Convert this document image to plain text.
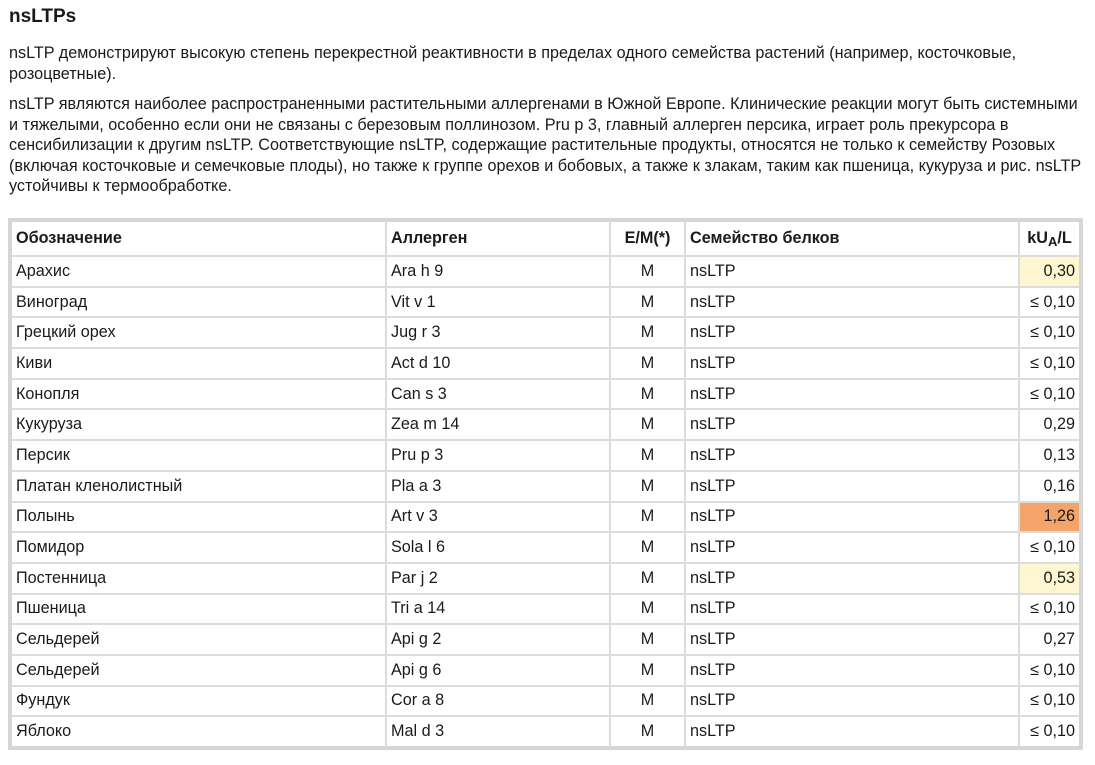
nsLTPs

nsLTP демонстрируют высокую степень перекрестной реактивности в пределах одного семейства растений (например, косточковые, розоцветные).

nsLTP являются наиболее распространенными растительными аллергенами в Южной Европе. Клинические реакции могут быть системными и тяжелыми, особенно если они не связаны с березовым поллинозом. Pru p 3, главный аллерген персика, играет роль прекурсора в сенсибилизации к другим nsLTP. Соответствующие nsLTP, содержащие растительные продукты, относятся не только к семейству Розовых (включая косточковые и семечковые плоды), но также к группе орехов и бобовых, а также к злакам, таким как пшеница, кукуруза и рис. nsLTP устойчивы к термообработке.

Обозначение	Аллерген	E/M(*)	Семейство белков	$kU_A/L$
Арахис	Ara h 9	M	nsLTP	0,30
Виноград	Vit v 1	M	nsLTP	≤ 0,10
Грецкий орех	Jug r 3	M	nsLTP	≤ 0,10
Киви	Act d 10	M	nsLTP	≤ 0,10
Конопля	Can s 3	M	nsLTP	≤ 0,10
Кукуруза	Zea m 14	M	nsLTP	0,29
Персик	Pru p 3	M	nsLTP	0,13
Платан кленолистный	Pla a 3	M	nsLTP	0,16
Полынь	Art v 3	M	nsLTP	1,26
Помидор	Sola l 6	M	nsLTP	≤ 0,10
Постенница	Par j 2	M	nsLTP	0,53
Пшеница	Tri a 14	M	nsLTP	≤ 0,10
Сельдерей	Api g 2	M	nsLTP	0,27
Сельдерей	Api g 6	M	nsLTP	≤ 0,10
Фундук	Cor a 8	M	nsLTP	≤ 0,10
Яблоко	Mal d 3	M	nsLTP	≤ 0,10
